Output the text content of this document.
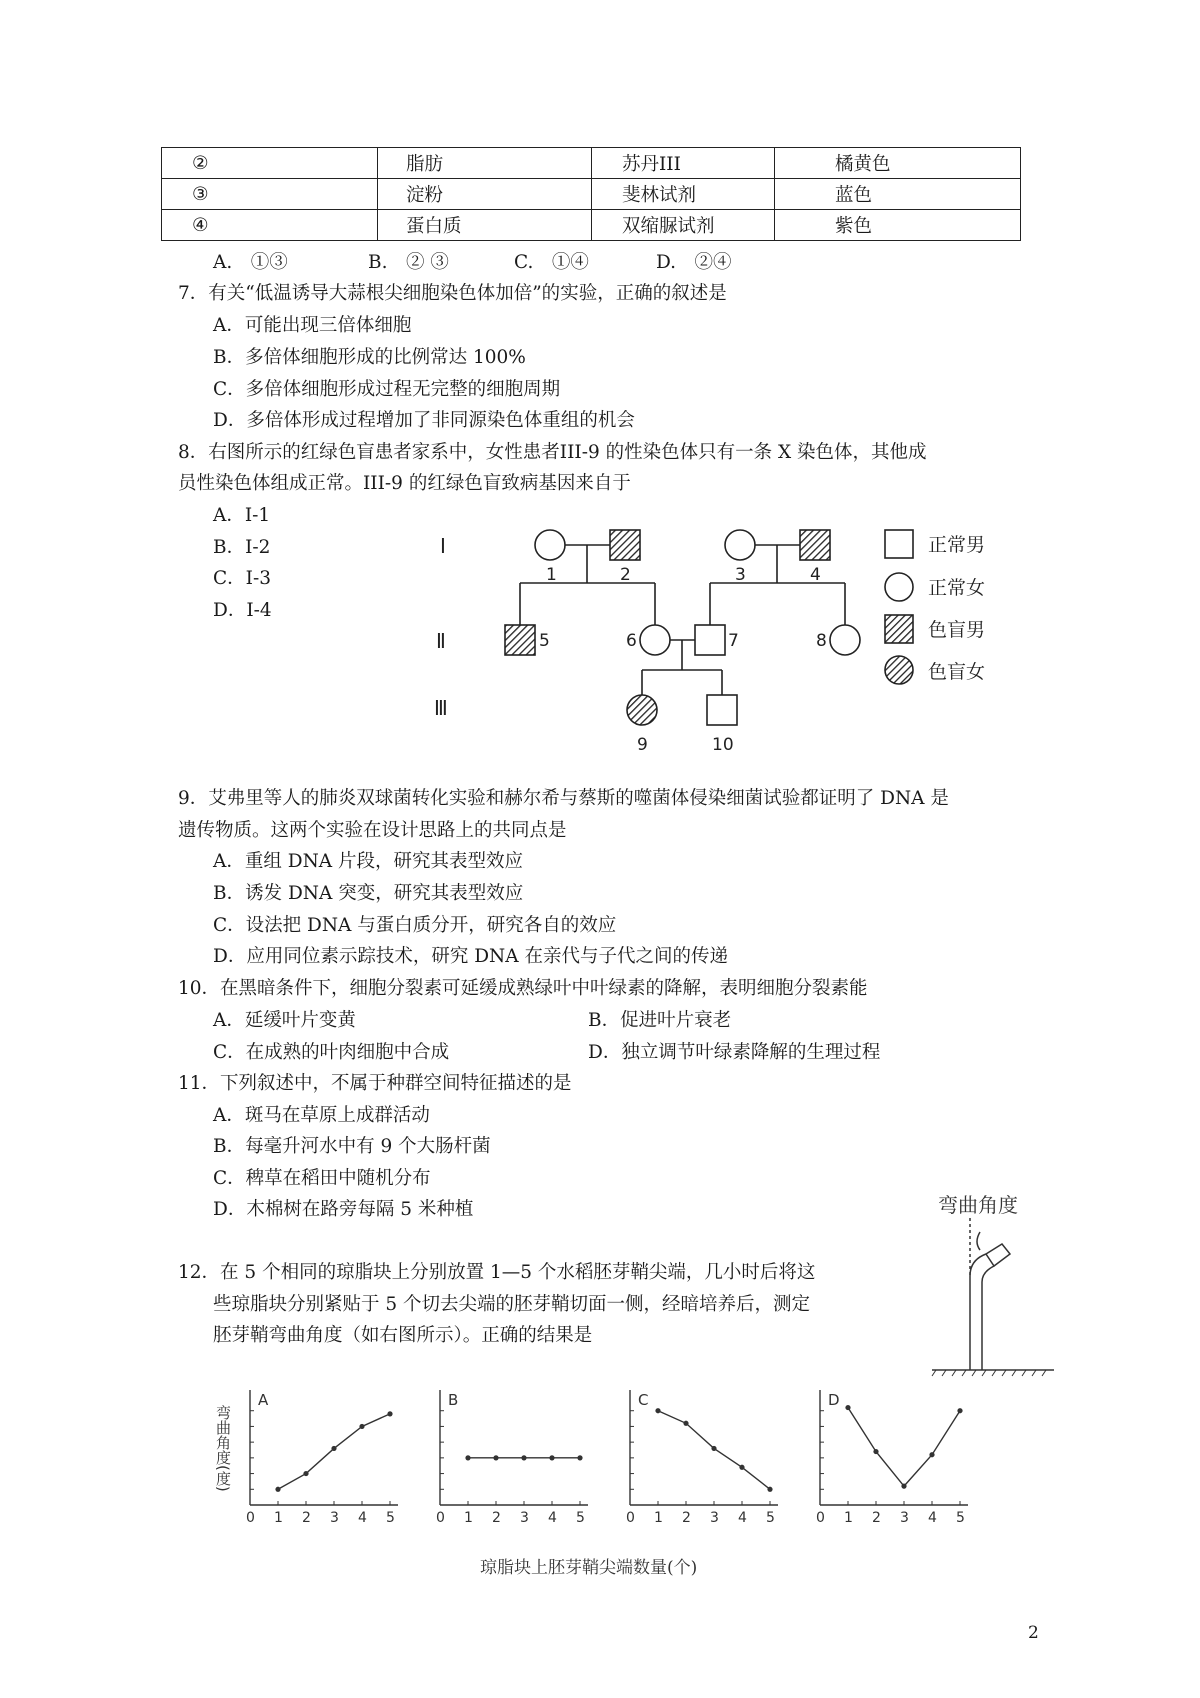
②	脂肪	苏丹III	橘黄色
③	淀粉	斐林试剂	蓝色
④	蛋白质	双缩脲试剂	紫色
A.　①③	B.　② ③	C.　①④	D.　②④
7．有关“低温诱导大蒜根尖细胞染色体加倍”的实验，正确的叙述是
A．可能出现三倍体细胞
B．多倍体细胞形成的比例常达 100%
C．多倍体细胞形成过程无完整的细胞周期
D．多倍体形成过程增加了非同源染色体重组的机会
8．右图所示的红绿色盲患者家系中，女性患者III-9 的性染色体只有一条 X 染色体，其他成
员性染色体组成正常。III-9 的红绿色盲致病基因来自于
A．Ⅰ-1
B．Ⅰ-2
C．Ⅰ-3
D．Ⅰ-4
Ⅰ
Ⅱ
Ⅲ
1	2	3	4
5	6	7	8
9	10
正常男
正常女
色盲男
色盲女
9．艾弗里等人的肺炎双球菌转化实验和赫尔希与蔡斯的噬菌体侵染细菌试验都证明了 DNA 是
遗传物质。这两个实验在设计思路上的共同点是
A．重组 DNA 片段，研究其表型效应
B．诱发 DNA 突变，研究其表型效应
C．设法把 DNA 与蛋白质分开，研究各自的效应
D．应用同位素示踪技术，研究 DNA 在亲代与子代之间的传递
10．在黑暗条件下，细胞分裂素可延缓成熟绿叶中叶绿素的降解，表明细胞分裂素能
A．延缓叶片变黄	B．促进叶片衰老
C．在成熟的叶肉细胞中合成	D．独立调节叶绿素降解的生理过程
11．下列叙述中，不属于种群空间特征描述的是
A．斑马在草原上成群活动
B．每毫升河水中有 9 个大肠杆菌
C．稗草在稻田中随机分布
D．木棉树在路旁每隔 5 米种植
12．在 5 个相同的琼脂块上分别放置 1—5 个水稻胚芽鞘尖端，几小时后将这
些琼脂块分别紧贴于 5 个切去尖端的胚芽鞘切面一侧，经暗培养后，测定
胚芽鞘弯曲角度（如右图所示）。正确的结果是
弯曲角度
弯曲角度(度)
0 1 2 3 4 5
A
0 1 2 3 4 5
B
0 1 2 3 4 5
C
0 1 2 3 4 5
D
琼脂块上胚芽鞘尖端数量(个)
2
